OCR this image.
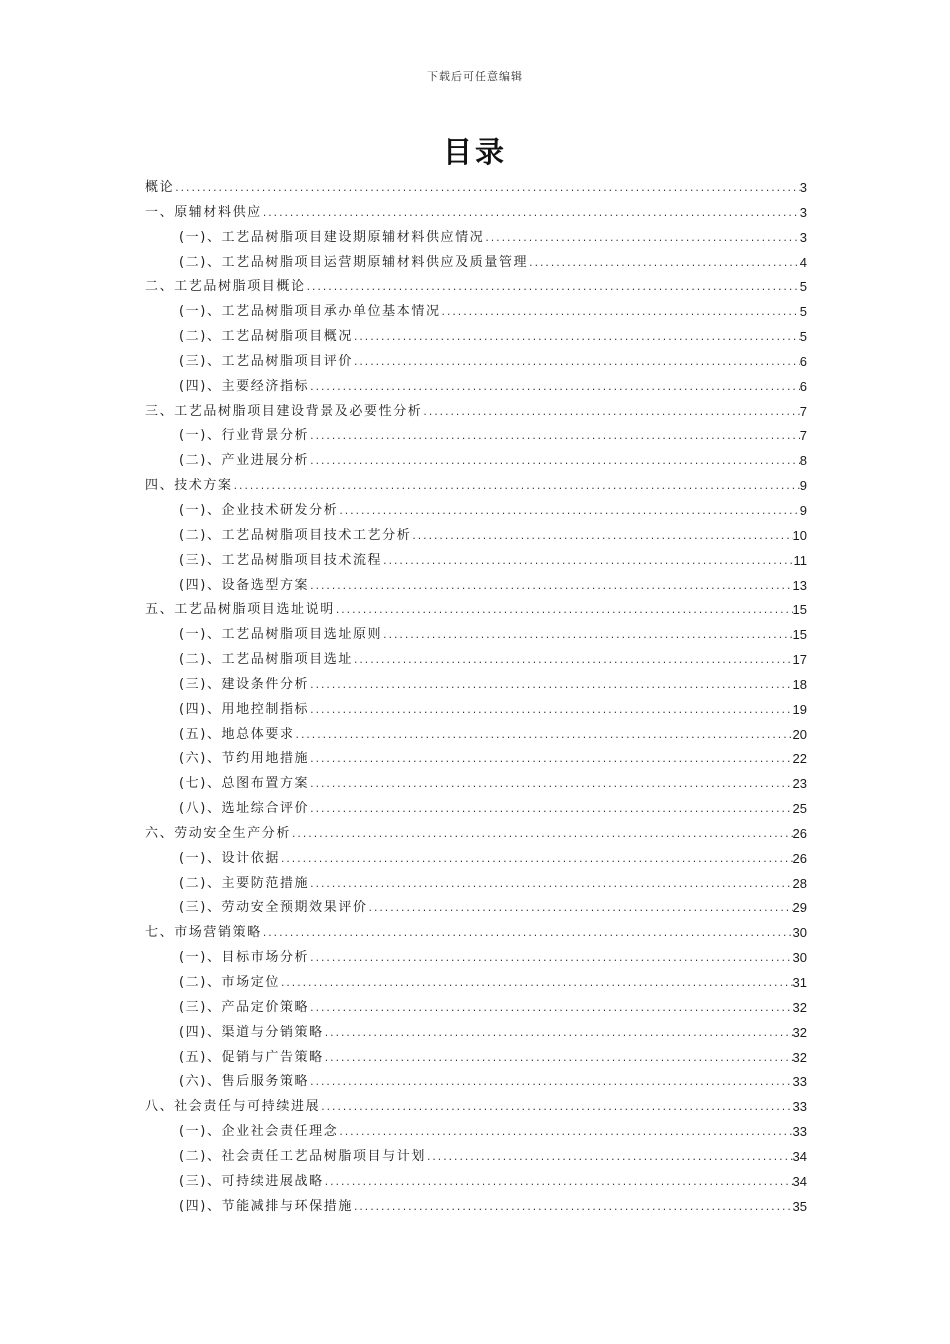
下载后可任意编辑
目录
概论 .....	3
一、原辅材料供应 .....	3
(一)、工艺品树脂项目建设期原辅材料供应情况 .....	3
(二)、工艺品树脂项目运营期原辅材料供应及质量管理 .....	4
二、工艺品树脂项目概论 .....	5
(一)、工艺品树脂项目承办单位基本情况 .....	5
(二)、工艺品树脂项目概况 .....	5
(三)、工艺品树脂项目评价 .....	6
(四)、主要经济指标 .....	6
三、工艺品树脂项目建设背景及必要性分析 .....	7
(一)、行业背景分析 .....	7
(二)、产业进展分析 .....	8
四、技术方案 .....	9
(一)、企业技术研发分析 .....	9
(二)、工艺品树脂项目技术工艺分析 .....	10
(三)、工艺品树脂项目技术流程 .....	11
(四)、设备选型方案 .....	13
五、工艺品树脂项目选址说明 .....	15
(一)、工艺品树脂项目选址原则 .....	15
(二)、工艺品树脂项目选址 .....	17
(三)、建设条件分析 .....	18
(四)、用地控制指标 .....	19
(五)、地总体要求 .....	20
(六)、节约用地措施 .....	22
(七)、总图布置方案 .....	23
(八)、选址综合评价 .....	25
六、劳动安全生产分析 .....	26
(一)、设计依据 .....	26
(二)、主要防范措施 .....	28
(三)、劳动安全预期效果评价 .....	29
七、市场营销策略 .....	30
(一)、目标市场分析 .....	30
(二)、市场定位 .....	31
(三)、产品定价策略 .....	32
(四)、渠道与分销策略 .....	32
(五)、促销与广告策略 .....	32
(六)、售后服务策略 .....	33
八、社会责任与可持续进展 .....	33
(一)、企业社会责任理念 .....	33
(二)、社会责任工艺品树脂项目与计划 .....	34
(三)、可持续进展战略 .....	34
(四)、节能减排与环保措施 .....	35
